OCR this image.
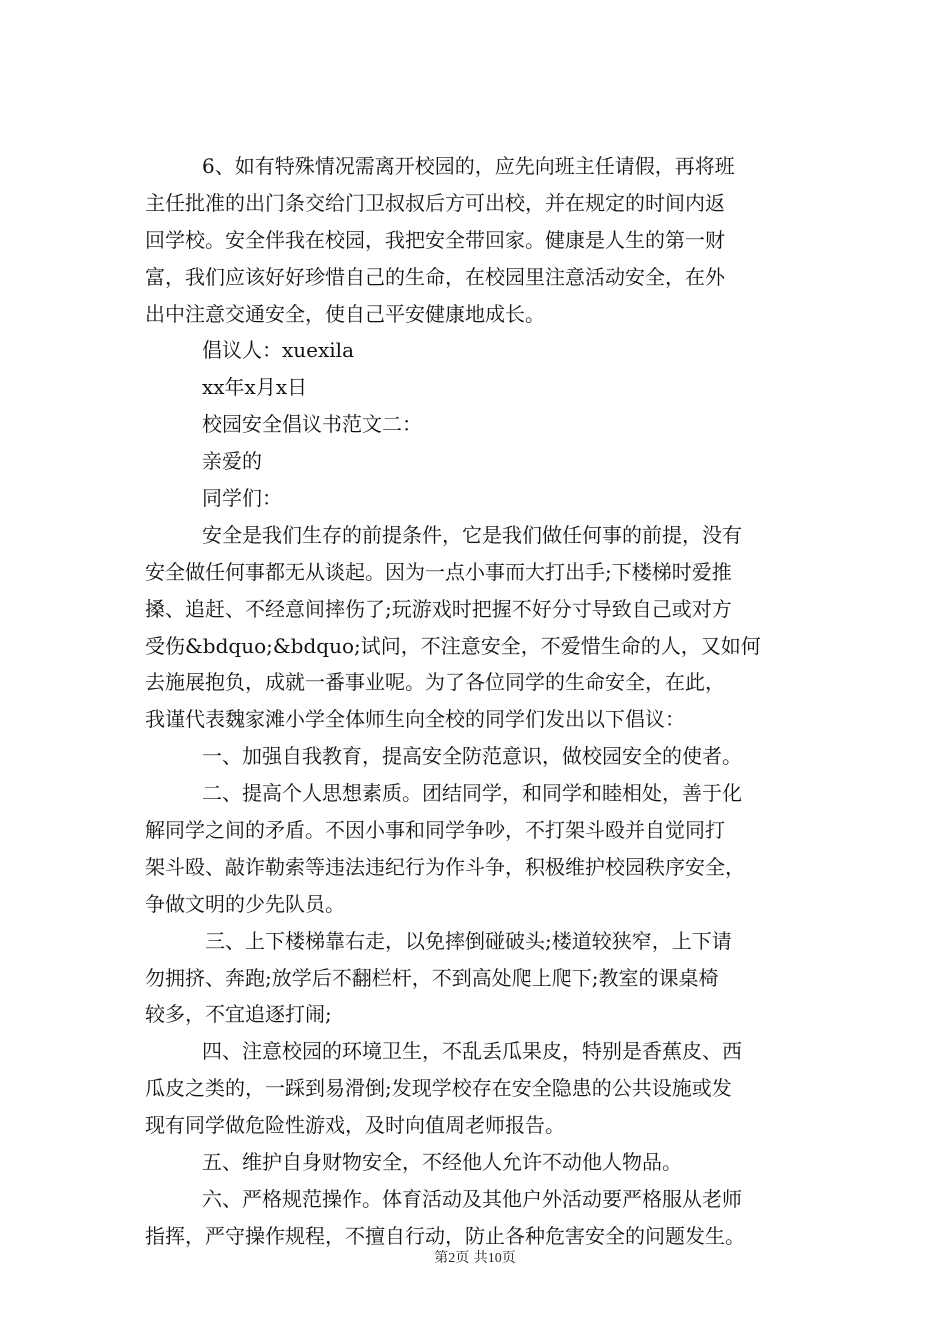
6、如有特殊情况需离开校园的，应先向班主任请假，再将班
主任批准的出门条交给门卫叔叔后方可出校，并在规定的时间内返
回学校。安全伴我在校园，我把安全带回家。健康是人生的第一财
富，我们应该好好珍惜自己的生命，在校园里注意活动安全，在外
出中注意交通安全，使自己平安健康地成长。
倡议人：xuexila
xx年x月x日
校园安全倡议书范文二：
亲爱的
同学们：
安全是我们生存的前提条件，它是我们做任何事的前提，没有
安全做任何事都无从谈起。因为一点小事而大打出手;下楼梯时爱推
搡、追赶、不经意间摔伤了;玩游戏时把握不好分寸导致自己或对方
受伤&bdquo;&bdquo;试问，不注意安全，不爱惜生命的人，又如何
去施展抱负，成就一番事业呢。为了各位同学的生命安全，在此，
我谨代表魏家滩小学全体师生向全校的同学们发出以下倡议：
一、加强自我教育，提高安全防范意识，做校园安全的使者。
二、提高个人思想素质。团结同学，和同学和睦相处，善于化
解同学之间的矛盾。不因小事和同学争吵，不打架斗殴并自觉同打
架斗殴、敲诈勒索等违法违纪行为作斗争，积极维护校园秩序安全，
争做文明的少先队员。
三、上下楼梯靠右走，以免摔倒碰破头;楼道较狭窄，上下请
勿拥挤、奔跑;放学后不翻栏杆，不到高处爬上爬下;教室的课桌椅
较多，不宜追逐打闹;
四、注意校园的环境卫生，不乱丢瓜果皮，特别是香蕉皮、西
瓜皮之类的，一踩到易滑倒;发现学校存在安全隐患的公共设施或发
现有同学做危险性游戏，及时向值周老师报告。
五、维护自身财物安全，不经他人允许不动他人物品。
六、严格规范操作。体育活动及其他户外活动要严格服从老师
指挥，严守操作规程，不擅自行动，防止各种危害安全的问题发生。
第2页 共10页
